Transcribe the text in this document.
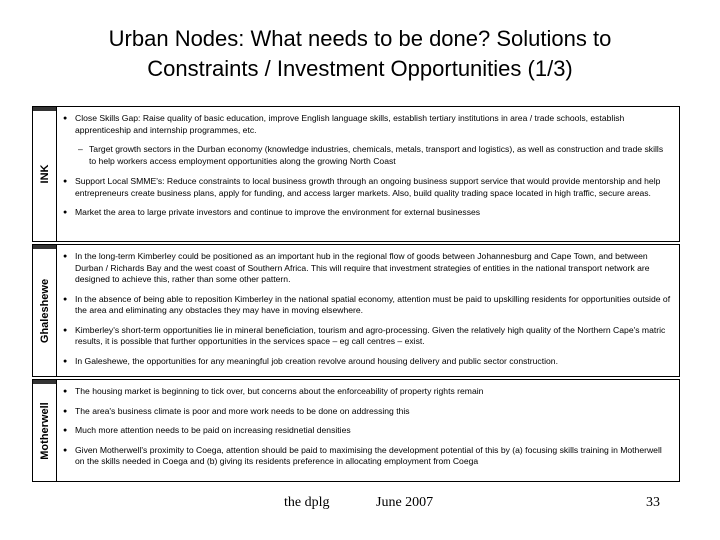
Urban Nodes: What needs to be done? Solutions to
Constraints / Investment Opportunities (1/3)
INK
● Close Skills Gap: Raise quality of basic education, improve English language skills, establish tertiary institutions in area / trade schools, establish apprenticeship and internship programmes, etc.
– Target growth sectors in the Durban economy (knowledge industries, chemicals, metals, transport and logistics), as well as construction and trade skills to help workers access employment opportunities along the growing North Coast
● Support Local SMME's: Reduce constraints to local business growth through an ongoing business support service that would provide mentorship and help entrepreneurs create business plans, apply for funding, and access larger markets. Also, build quality trading space located in high traffic, secure areas.
● Market the area to large private investors and continue to improve the environment for external businesses
Ghaleshewe
● In the long-term Kimberley could be positioned as an important hub in the regional flow of goods between Johannesburg and Cape Town, and between Durban / Richards Bay and the west coast of Southern Africa. This will require that investment strategies of entities in the national transport network are designed to achieve this, rather than some other pattern.
● In the absence of being able to reposition Kimberley in the national spatial economy, attention must be paid to upskilling residents for opportunities outside of the area and eliminating any obstacles they may have in moving elsewhere.
● Kimberley's short-term opportunities lie in mineral beneficiation, tourism and agro-processing. Given the relatively high quality of the Northern Cape's matric results, it is possible that further opportunities in the services space – eg call centres – exist.
● In Galeshewe, the opportunities for any meaningful job creation revolve around housing delivery and public sector construction.
Motherwell
● The housing market is beginning to tick over, but concerns about the enforceability of property rights remain
● The area's business climate is poor and more work needs to be done on addressing this
● Much more attention needs to be paid on increasing residnetial densities
● Given Motherwell's proximity to Coega, attention should be paid to maximising the development potential of this by (a) focusing skills training in Motherwell on the skills needed in Coega and (b) giving its residents preference in allocating employment from Coega
the dplg	June 2007	33
